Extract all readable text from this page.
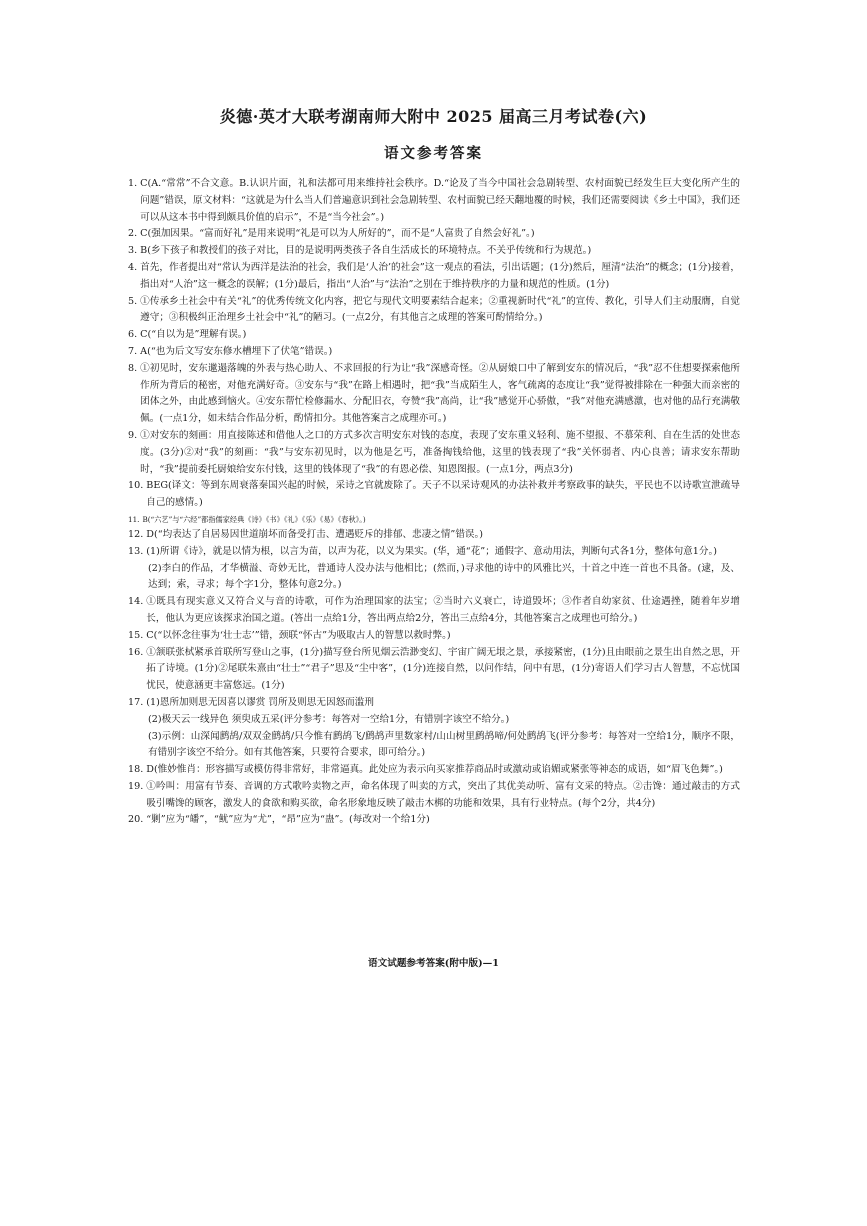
炎德·英才大联考湖南师大附中 2025 届高三月考试卷(六)
语文参考答案
1. C(A.“常常”不合文意。B.认识片面，礼和法都可用来维持社会秩序。D.“论及了当今中国社会急剧转型、农村面貌已经发生巨大变化所产生的问题”错误，原文材料：“这就是为什么当人们普遍意识到社会急剧转型、农村面貌已经天翻地覆的时候，我们还需要阅读《乡土中国》，我们还可以从这本书中得到颇具价值的启示”，不是“当今社会”。)
2. C(强加因果。“富而好礼”是用来说明“礼是可以为人所好的”，而不是“人富贵了自然会好礼”。)
3. B(乡下孩子和教授们的孩子对比，目的是说明两类孩子各自生活成长的环境特点。不关乎传统和行为规范。)
4. 首先，作者提出对“常认为西洋是法治的社会，我们是‘人治’的社会”这一观点的看法，引出话题；(1分)然后，厘清“法治”的概念；(1分)接着，指出对“人治”这一概念的误解；(1分)最后，指出“人治”与“法治”之别在于维持秩序的力量和规范的性质。(1分)
5. ①传承乡土社会中有关“礼”的优秀传统文化内容，把它与现代文明要素结合起来；②重视新时代“礼”的宣传、教化，引导人们主动服膺，自觉遵守；③积极纠正治理乡土社会中“礼”的陋习。(一点2分，有其他言之成理的答案可酌情给分。)
6. C(“自以为是”理解有误。)
7. A(“也为后文写安东修水槽埋下了伏笔”错误。)
8. ①初见时，安东邋遢落魄的外表与热心助人、不求回报的行为让“我”深感奇怪。②从厨娘口中了解到安东的情况后，“我”忍不住想要探索他所作所为背后的秘密，对他充满好奇。③安东与“我”在路上相遇时，把“我”当成陌生人，客气疏离的态度让“我”觉得被排除在一种强大而亲密的团体之外，由此感到恼火。④安东帮忙检修漏水、分配旧衣，夸赞“我”高尚，让“我”感觉开心骄傲，“我”对他充满感激，也对他的品行充满敬佩。(一点1分，如未结合作品分析，酌情扣分。其他答案言之成理亦可。)
9. ①对安东的刻画：用直接陈述和借他人之口的方式多次言明安东对钱的态度，表现了安东重义轻利、施不望报、不慕荣利、自在生活的处世态度。(3分)②对“我”的刻画：“我”与安东初见时，以为他是乞丐，准备掏钱给他，这里的钱表现了“我”关怀弱者、内心良善；请求安东帮助时，“我”提前委托厨娘给安东付钱，这里的钱体现了“我”的有恩必偿、知恩图报。(一点1分，两点3分)
10. BEG(译文：等到东周衰落秦国兴起的时候，采诗之官就废除了。天子不以采诗观风的办法补救并考察政事的缺失，平民也不以诗歌宣泄疏导自己的感情。)
11. B(“六艺”与“六经”都指儒家经典《诗》《书》《礼》《乐》《易》《春秋》。)
12. D(“均表达了自居易因世道崩坏而备受打击、遭遇贬斥的排郁、悲凄之情”错误。)
13. (1)所谓《诗》，就是以情为根，以言为苗，以声为花，以义为果实。(华，通“花”；通假字、意动用法，判断句式各1分，整体句意1分。)
(2)李白的作品，才华横溢、奇妙无比，普通诗人没办法与他相比；(然而，)寻求他的诗中的风雅比兴，十首之中连一首也不具备。(逮，及、达到；索，寻求；每个字1分，整体句意2分。)
14. ①既具有现实意义又符合义与音的诗歌，可作为治理国家的法宝；②当时六义衰亡，诗道毁坏；③作者自幼家贫、仕途遇挫，随着年岁增长，他认为更应该探求治国之道。(答出一点给1分，答出两点给2分，答出三点给4分，其他答案言之成理也可给分。)
15. C(“以怀念往事为‘壮士志’”错，颈联“怀古”为吸取古人的智慧以救时弊。)
16. ①颔联张栻紧承首联所写登山之事，(1分)描写登台所见烟云浩渺变幻、宇宙广阔无垠之景，承接紧密，(1分)且由眼前之景生出自然之思，开拓了诗境。(1分)②尾联朱熹由“壮士”“君子”思及“尘中客”，(1分)连接自然，以问作结，问中有思，(1分)寄语人们学习古人智慧，不忘忧国忧民，使意涵更丰富悠远。(1分)
17. (1)恩所加则思无因喜以谬赏 罚所及则思无因怒而滥刑
(2)极天云一线异色 须臾成五采(评分参考：每答对一空给1分，有错别字该空不给分。)
(3)示例：山深闻鹧鸪/双双金鹧鸪/只今惟有鹧鸪飞/鹧鸪声里数家村/山山树里鹧鸪啼/何处鹧鸪飞(评分参考：每答对一空给1分，顺序不限，有错别字该空不给分。如有其他答案，只要符合要求，即可给分。)
18. D(惟妙惟肖：形容描写或模仿得非常好，非常逼真。此处应为表示向买家推荐商品时或激动或谄媚或紧张等神态的成语，如“眉飞色舞”。)
19. ①吟叫：用富有节奏、音调的方式歌吟卖物之声，命名体现了叫卖的方式，突出了其优美动听、富有文采的特点。②击馋：通过敲击的方式吸引嘴馋的顾客，激发人的食欲和购买欲，命名形象地反映了敲击木梆的功能和效果，具有行业特点。(每个2分，共4分)
20. “剿”应为“皤”，“鱿”应为“尤”，“昂”应为“蛊”。(每改对一个给1分)
语文试题参考答案(附中版)—1
